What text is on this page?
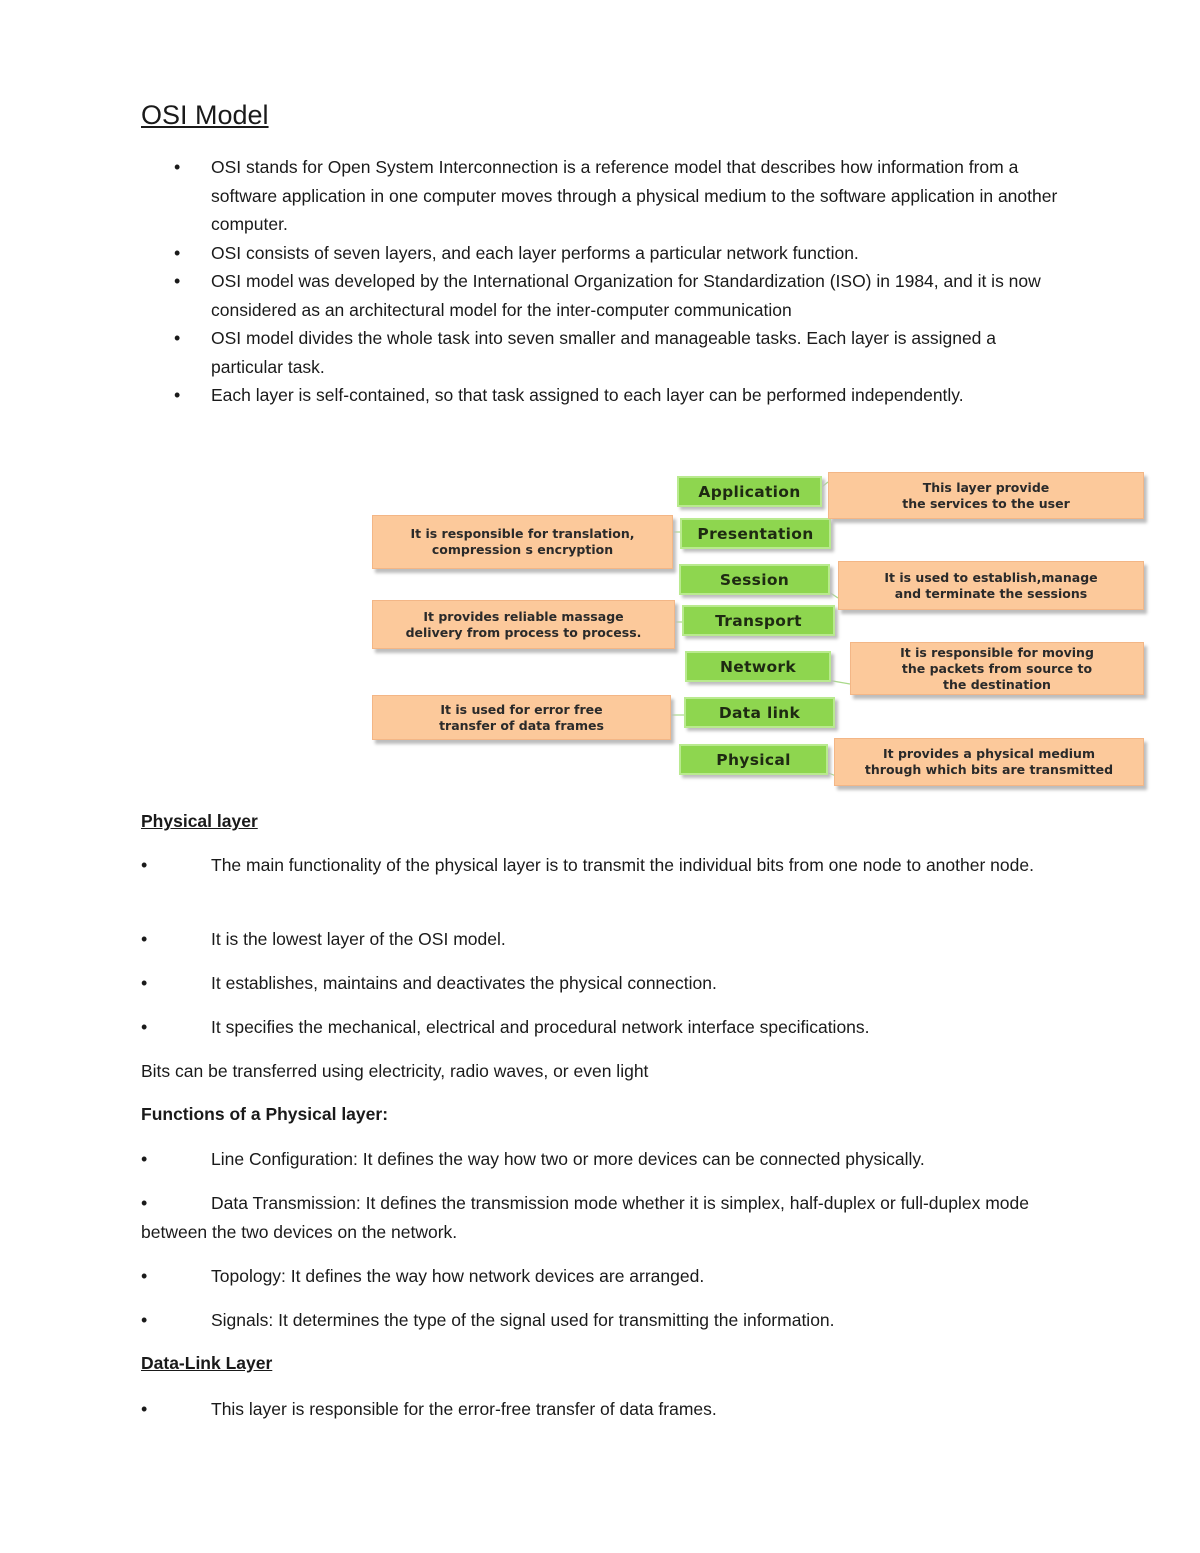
OSI Model
• OSI stands for Open System Interconnection is a reference model that describes how information from a software application in one computer moves through a physical medium to the software application in another computer.
• OSI consists of seven layers, and each layer performs a particular network function.
• OSI model was developed by the International Organization for Standardization (ISO) in 1984, and it is now considered as an architectural model for the inter-computer communication
• OSI model divides the whole task into seven smaller and manageable tasks. Each layer is assigned a particular task.
• Each layer is self-contained, so that task assigned to each layer can be performed independently.
Application
Presentation
Session
Transport
Network
Data link
Physical
This layer provide
the services to the user
It is responsible for translation,
compression s encryption
It is used to establish,manage
and terminate the sessions
It provides reliable massage
delivery from process to process.
It is responsible for moving
the packets from source to
the destination
It is used for error free
transfer of data frames
It provides a physical medium
through which bits are transmitted
Physical layer
•	The main functionality of the physical layer is to transmit the individual bits from one node to another node.

•	It is the lowest layer of the OSI model.

•	It establishes, maintains and deactivates the physical connection.

•	It specifies the mechanical, electrical and procedural network interface specifications.

Bits can be transferred using electricity, radio waves, or even light

Functions of a Physical layer:
•	Line Configuration: It defines the way how two or more devices can be connected physically.

•	Data Transmission: It defines the transmission mode whether it is simplex, half-duplex or full-duplex mode between the two devices on the network.

•	Topology: It defines the way how network devices are arranged.

•	Signals: It determines the type of the signal used for transmitting the information.

Data-Link Layer
•	This layer is responsible for the error-free transfer of data frames.
